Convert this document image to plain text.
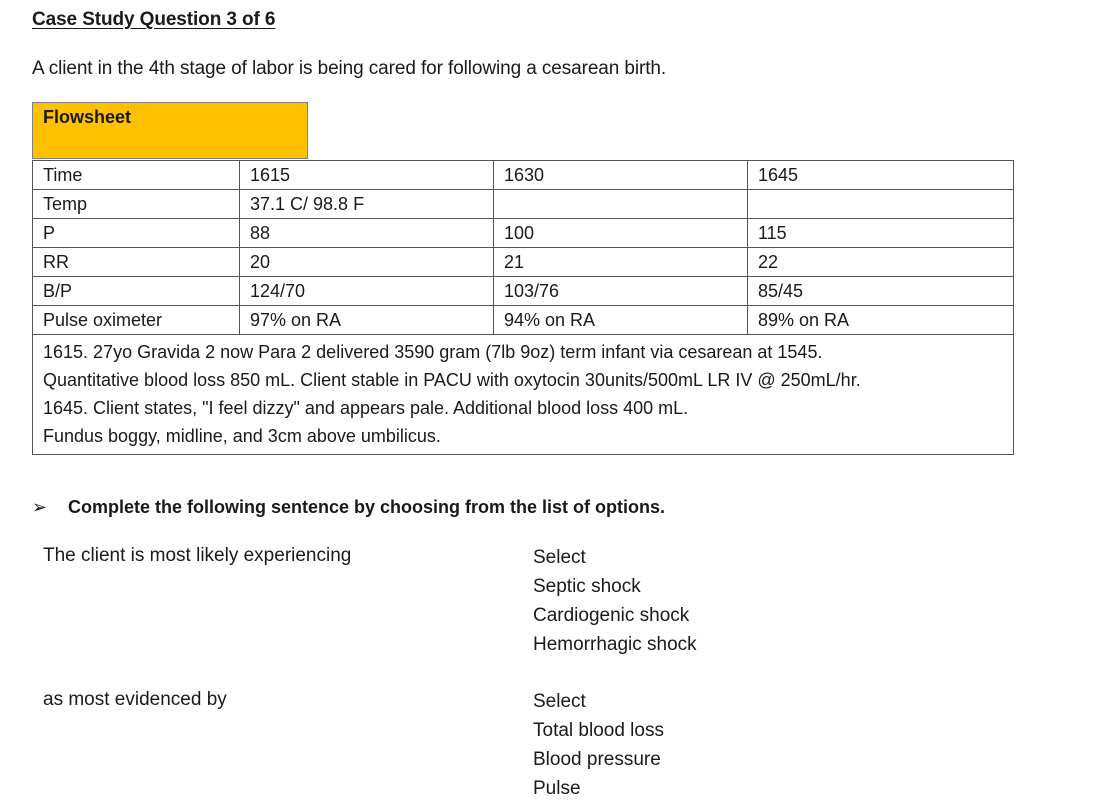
Case Study Question 3 of 6
A client in the 4th stage of labor is being cared for following a cesarean birth.
Flowsheet
Time	1615	1630	1645
Temp	37.1 C/ 98.8 F		
P	88	100	115
RR	20	21	22
B/P	124/70	103/76	85/45
Pulse oximeter	97% on RA	94% on RA	89% on RA

1615. 27yo Gravida 2 now Para 2 delivered 3590 gram (7lb 9oz) term infant via cesarean at 1545.
Quantitative blood loss 850 mL. Client stable in PACU with oxytocin 30units/500mL LR IV @ 250mL/hr.
1645. Client states, "I feel dizzy" and appears pale. Additional blood loss 400 mL.
Fundus boggy, midline, and 3cm above umbilicus.			
➢ Complete the following sentence by choosing from the list of options.
The client is most likely experiencing	Select
Septic shock
Cardiogenic shock
Hemorrhagic shock
as most evidenced by	Select
Total blood loss
Blood pressure
Pulse
